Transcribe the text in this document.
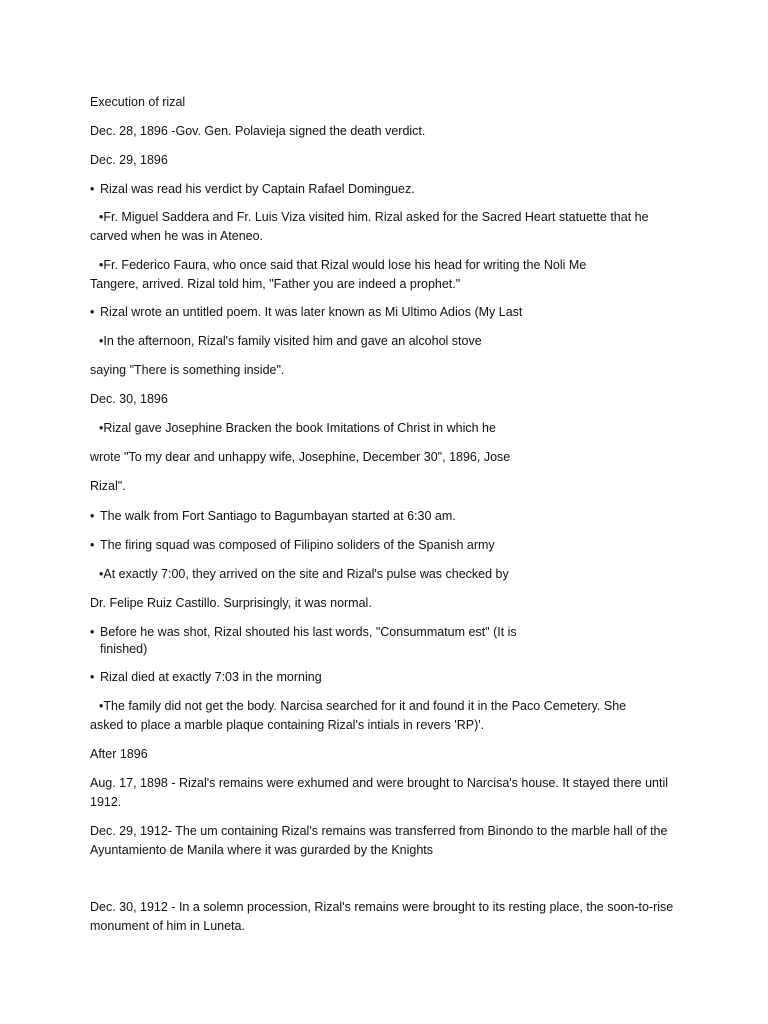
Execution of rizal
Dec. 28, 1896 -Gov. Gen. Polavieja signed the death verdict.
Dec. 29, 1896
• Rizal was read his verdict by Captain Rafael Dominguez.
•Fr. Miguel Saddera and Fr. Luis Viza visited him. Rizal asked for the Sacred Heart statuette that he
carved when he was in Ateneo.
•Fr. Federico Faura, who once said that Rizal would lose his head for writing the Noli Me
Tangere, arrived. Rizal told him, "Father you are indeed a prophet."
• Rizal wrote an untitled poem. It was later known as Mi Ultimo Adios (My Last
•In the afternoon, Rizal's family visited him and gave an alcohol stove
saying "There is something inside".
Dec. 30, 1896
•Rizal gave Josephine Bracken the book Imitations of Christ in which he
wrote "To my dear and unhappy wife, Josephine, December 30", 1896, Jose
Rizal".
• The walk from Fort Santiago to Bagumbayan started at 6:30 am.
• The firing squad was composed of Filipino soliders of the Spanish army
•At exactly 7:00, they arrived on the site and Rizal's pulse was checked by
Dr. Felipe Ruiz Castillo. Surprisingly, it was normal.
• Before he was shot, Rizal shouted his last words, "Consummatum est" (It is
finished)
• Rizal died at exactly 7:03 in the morning
•The family did not get the body. Narcisa searched for it and found it in the Paco Cemetery. She
asked to place a marble plaque containing Rizal's intials in revers 'RP)'.
After 1896
Aug. 17, 1898 - Rizal's remains were exhumed and were brought to Narcisa's house. It stayed there until
1912.
Dec. 29, 1912- The um containing Rizal's remains was transferred from Binondo to the marble hall of the
Ayuntamiento de Manila where it was gurarded by the Knights
Dec. 30, 1912 - In a solemn procession, Rizal's remains were brought to its resting place, the soon-to-rise
monument of him in Luneta.
